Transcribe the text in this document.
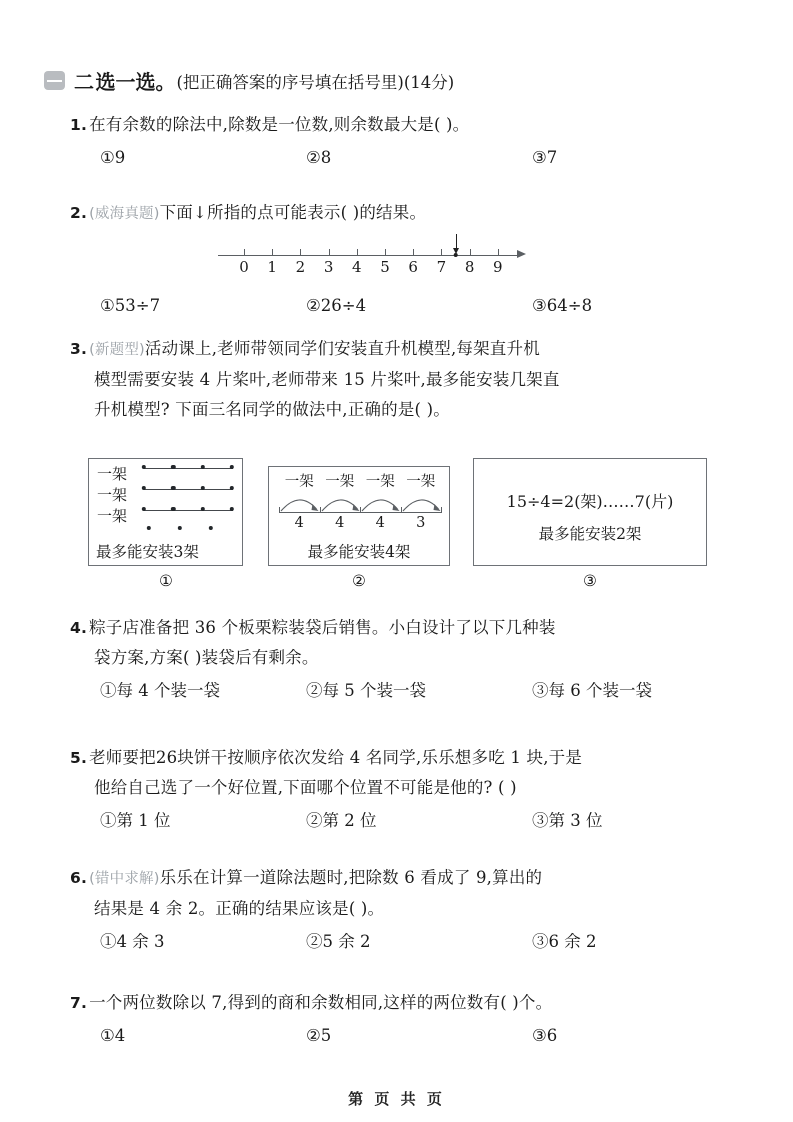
二 选一选。 (把正确答案的序号填在括号里)(14分)
1. 在有余数的除法中,除数是一位数,则余数最大是( )。
①9	②8	③7
2. (威海真题)下面↓所指的点可能表示( )的结果。
0 1 2 3 4 5 6 7 8 9
①53÷7	②26÷4	③64÷8
3. (新题型)活动课上,老师带领同学们安装直升机模型,每架直升机
模型需要安装 4 片桨叶,老师带来 15 片桨叶,最多能安装几架直
升机模型? 下面三名同学的做法中,正确的是( )。
一架
一架
一架
最多能安装3架
一架 一架 一架 一架
4 4 4 3
最多能安装4架
15÷4=2(架)……7(片)
最多能安装2架
①	②	③
4. 粽子店准备把 36 个板栗粽装袋后销售。小白设计了以下几种装
袋方案,方案( )装袋后有剩余。
①每 4 个装一袋	②每 5 个装一袋	③每 6 个装一袋
5. 老师要把26块饼干按顺序依次发给 4 名同学,乐乐想多吃 1 块,于是
他给自己选了一个好位置,下面哪个位置不可能是他的? ( )
①第 1 位	②第 2 位	③第 3 位
6. (错中求解)乐乐在计算一道除法题时,把除数 6 看成了 9,算出的
结果是 4 余 2。正确的结果应该是( )。
①4 余 3	②5 余 2	③6 余 2
7. 一个两位数除以 7,得到的商和余数相同,这样的两位数有( )个。
①4	②5	③6
第 页 共 页
